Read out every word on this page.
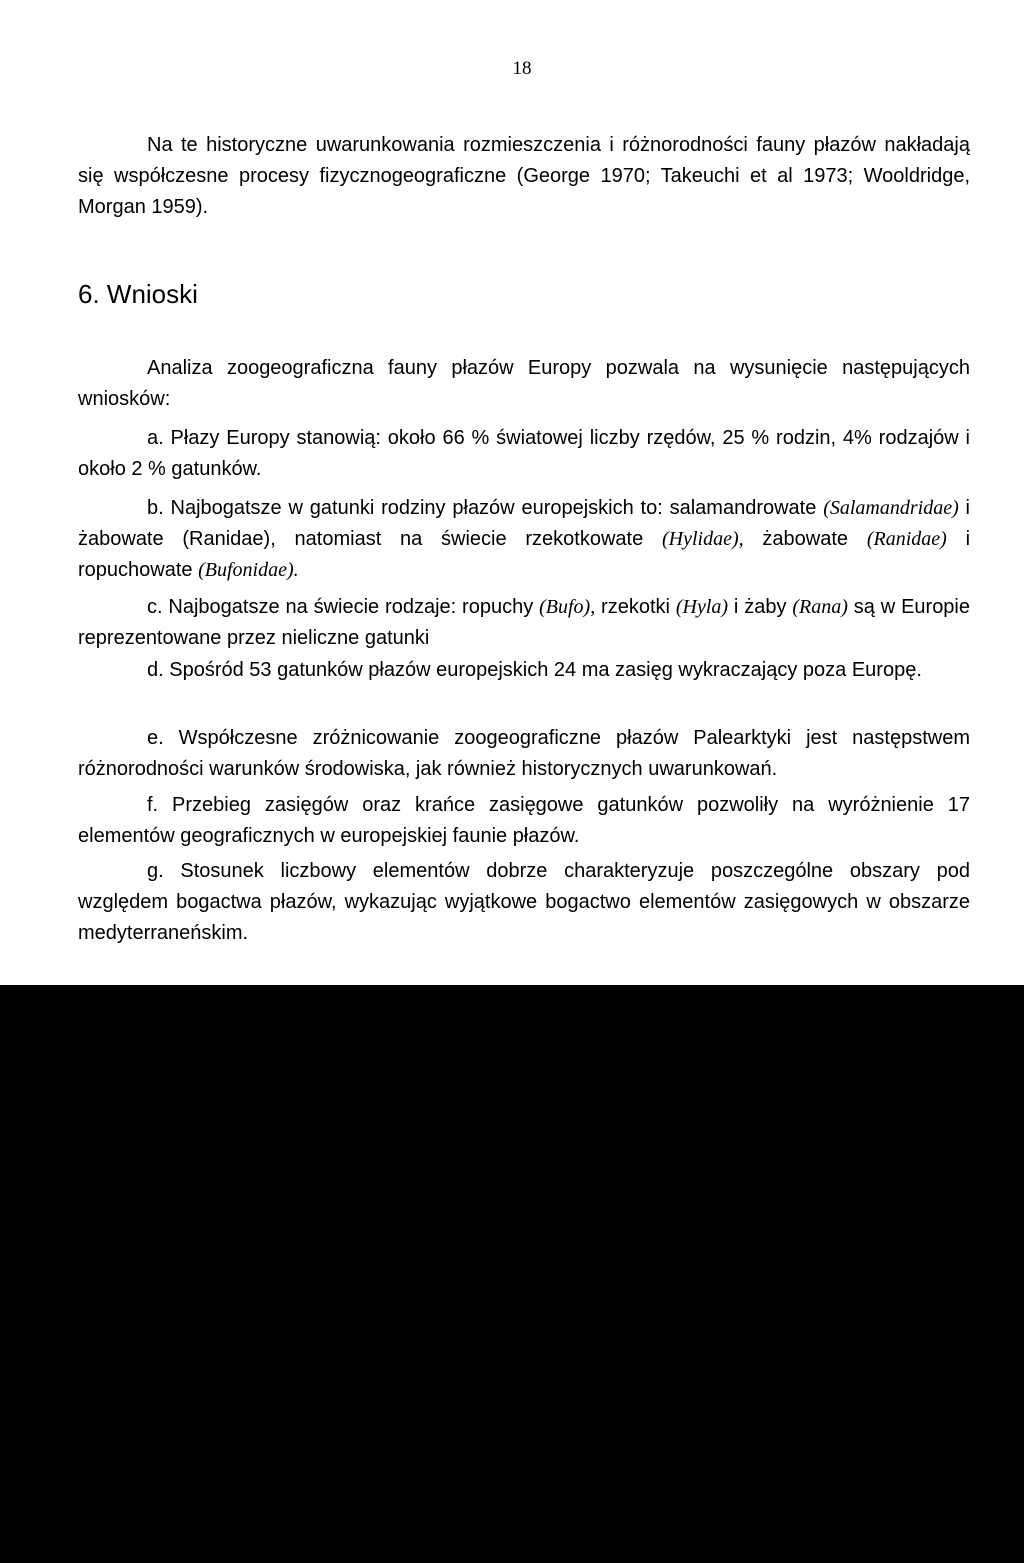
18

Na te historyczne uwarunkowania rozmieszczenia i różnorodności fauny płazów nakładają się współczesne procesy fizycznogeograficzne (George 1970; Takeuchi et al 1973; Wooldridge, Morgan 1959).

6. Wnioski

Analiza zoogeograficzna fauny płazów Europy pozwala na wysunięcie następujących wniosków:

a. Płazy Europy stanowią: około 66 % światowej liczby rzędów, 25 % rodzin, 4% rodzajów i około 2 % gatunków.

b. Najbogatsze w gatunki rodziny płazów europejskich to: salamandrowate (Salamandridae) i żabowate (Ranidae), natomiast na świecie rzekotkowate (Hylidae), żabowate (Ranidae) i ropuchowate (Bufonidae).

c. Najbogatsze na świecie rodzaje: ropuchy (Bufo), rzekotki (Hyla) i żaby (Rana) są w Europie reprezentowane przez nieliczne gatunki

d. Spośród 53 gatunków płazów europejskich 24 ma zasięg wykraczający poza Europę.

e. Współczesne zróżnicowanie zoogeograficzne płazów Palearktyki jest następstwem różnorodności warunków środowiska, jak również historycznych uwarunkowań.

f. Przebieg zasięgów oraz krańce zasięgowe gatunków pozwoliły na wyróżnienie 17 elementów geograficznych w europejskiej faunie płazów.

g. Stosunek liczbowy elementów dobrze charakteryzuje poszczególne obszary pod względem bogactwa płazów, wykazując wyjątkowe bogactwo elementów zasięgowych w obszarze medyterraneńskim.
